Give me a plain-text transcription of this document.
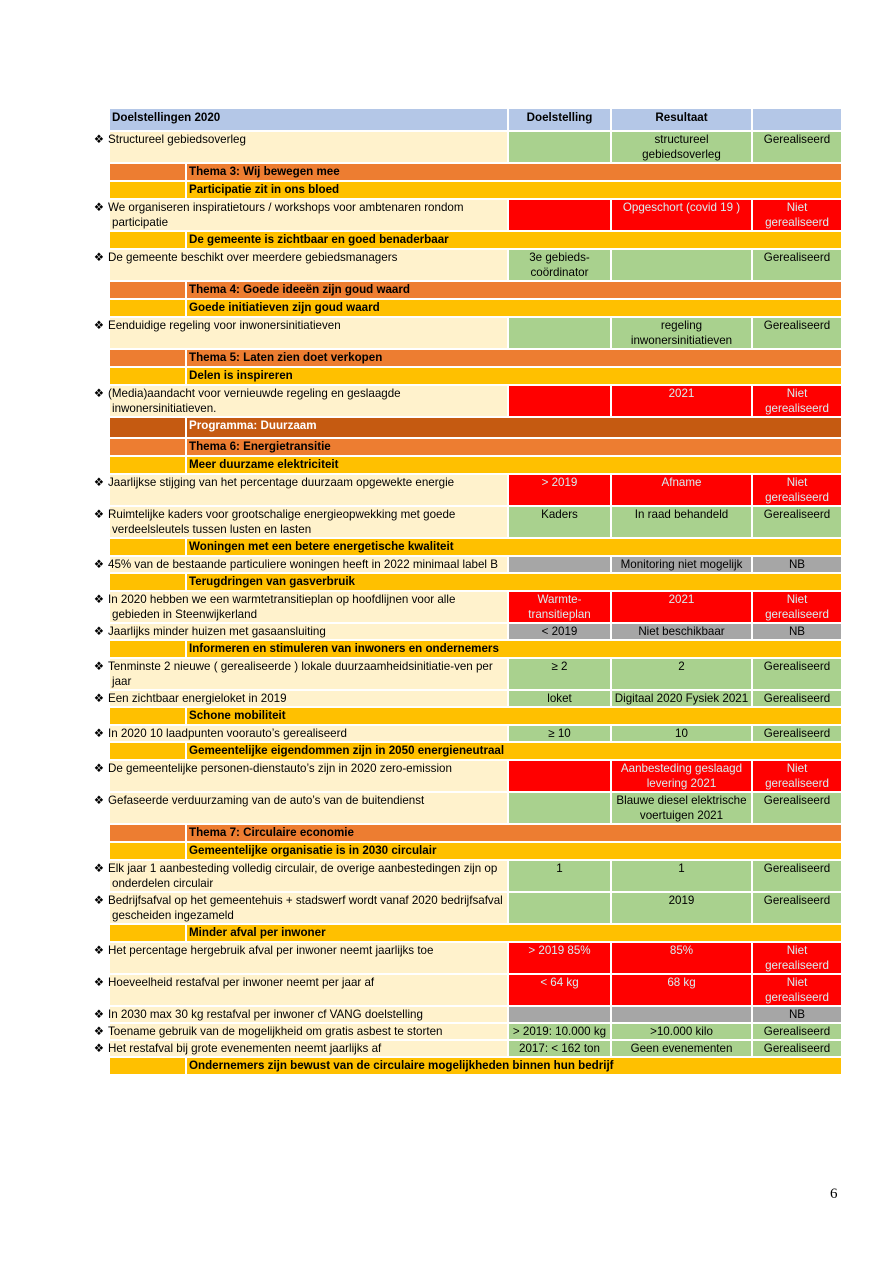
Doelstellingen 2020		Doelstelling	Resultaat	
❖ Structureel gebiedsoverleg			structureel gebiedsoverleg	Gerealiseerd
	Thema 3: Wij bewegen mee			
	Participatie zit in ons bloed			
❖ We organiseren inspiratietours / workshops voor ambtenaren rondom participatie			Opgeschort (covid 19 )	Niet gerealiseerd
	De gemeente is zichtbaar en goed benaderbaar			
❖ De gemeente beschikt over meerdere gebiedsmanagers		3e gebieds-coördinator		Gerealiseerd
	Thema 4: Goede ideeën zijn goud waard			
	Goede initiatieven zijn goud waard			
❖ Eenduidige regeling voor inwonersinitiatieven			regeling inwonersinitiatieven	Gerealiseerd
	Thema 5: Laten zien doet verkopen			
	Delen is inspireren			
❖ (Media)aandacht voor vernieuwde regeling en geslaagde inwonersinitiatieven.			2021	Niet gerealiseerd
	Programma: Duurzaam			
	Thema 6: Energietransitie			
	Meer duurzame elektriciteit			
❖ Jaarlijkse stijging van het percentage duurzaam opgewekte energie		> 2019	Afname	Niet gerealiseerd
❖ Ruimtelijke kaders voor grootschalige energieopwekking met goede verdeelsleutels tussen lusten en lasten		Kaders	In raad behandeld	Gerealiseerd
	Woningen met een betere energetische kwaliteit			
❖ 45% van de bestaande particuliere woningen heeft in 2022 minimaal label B			Monitoring niet mogelijk	NB
	Terugdringen van gasverbruik			
❖ In 2020 hebben we een warmtetransitieplan op hoofdlijnen voor alle gebieden in Steenwijkerland		Warmte-transitieplan	2021	Niet gerealiseerd
❖ Jaarlijks minder huizen met gasaansluiting		< 2019	Niet beschikbaar	NB
	Informeren en stimuleren van inwoners en ondernemers			
❖ Tenminste 2 nieuwe ( gerealiseerde ) lokale duurzaamheidsinitiatie-ven per jaar		≥ 2	2	Gerealiseerd
❖ Een zichtbaar energieloket in 2019		loket	Digitaal 2020 Fysiek 2021	Gerealiseerd
	Schone mobiliteit			
❖ In 2020 10 laadpunten voorauto’s gerealiseerd		≥ 10	10	Gerealiseerd
	Gemeentelijke eigendommen zijn in 2050 energieneutraal			
❖ De gemeentelijke personen-dienstauto’s zijn in 2020 zero-emission			Aanbesteding geslaagd levering 2021	Niet gerealiseerd
❖ Gefaseerde verduurzaming van de auto’s van de buitendienst			Blauwe diesel elektrische voertuigen 2021	Gerealiseerd
	Thema 7: Circulaire economie			
	Gemeentelijke organisatie is in 2030 circulair			
❖ Elk jaar 1 aanbesteding volledig circulair, de overige aanbestedingen zijn op onderdelen circulair		1	1	Gerealiseerd
❖ Bedrijfsafval op het gemeentehuis + stadswerf wordt vanaf 2020 bedrijfsafval gescheiden ingezameld			2019	Gerealiseerd
	Minder afval per inwoner			
❖ Het percentage hergebruik afval per inwoner neemt jaarlijks toe		> 2019 85%	85%	Niet gerealiseerd
❖ Hoeveelheid restafval per inwoner neemt per jaar af		< 64 kg	68 kg	Niet gerealiseerd
❖ In 2030 max 30 kg restafval per inwoner cf VANG doelstelling				NB
❖ Toename gebruik van de mogelijkheid om gratis asbest te storten		> 2019: 10.000 kg	>10.000 kilo	Gerealiseerd
❖ Het restafval bij grote evenementen neemt jaarlijks af		2017: < 162 ton	Geen evenementen	Gerealiseerd
	Ondernemers zijn bewust van de circulaire mogelijkheden binnen hun bedrijf			
6
